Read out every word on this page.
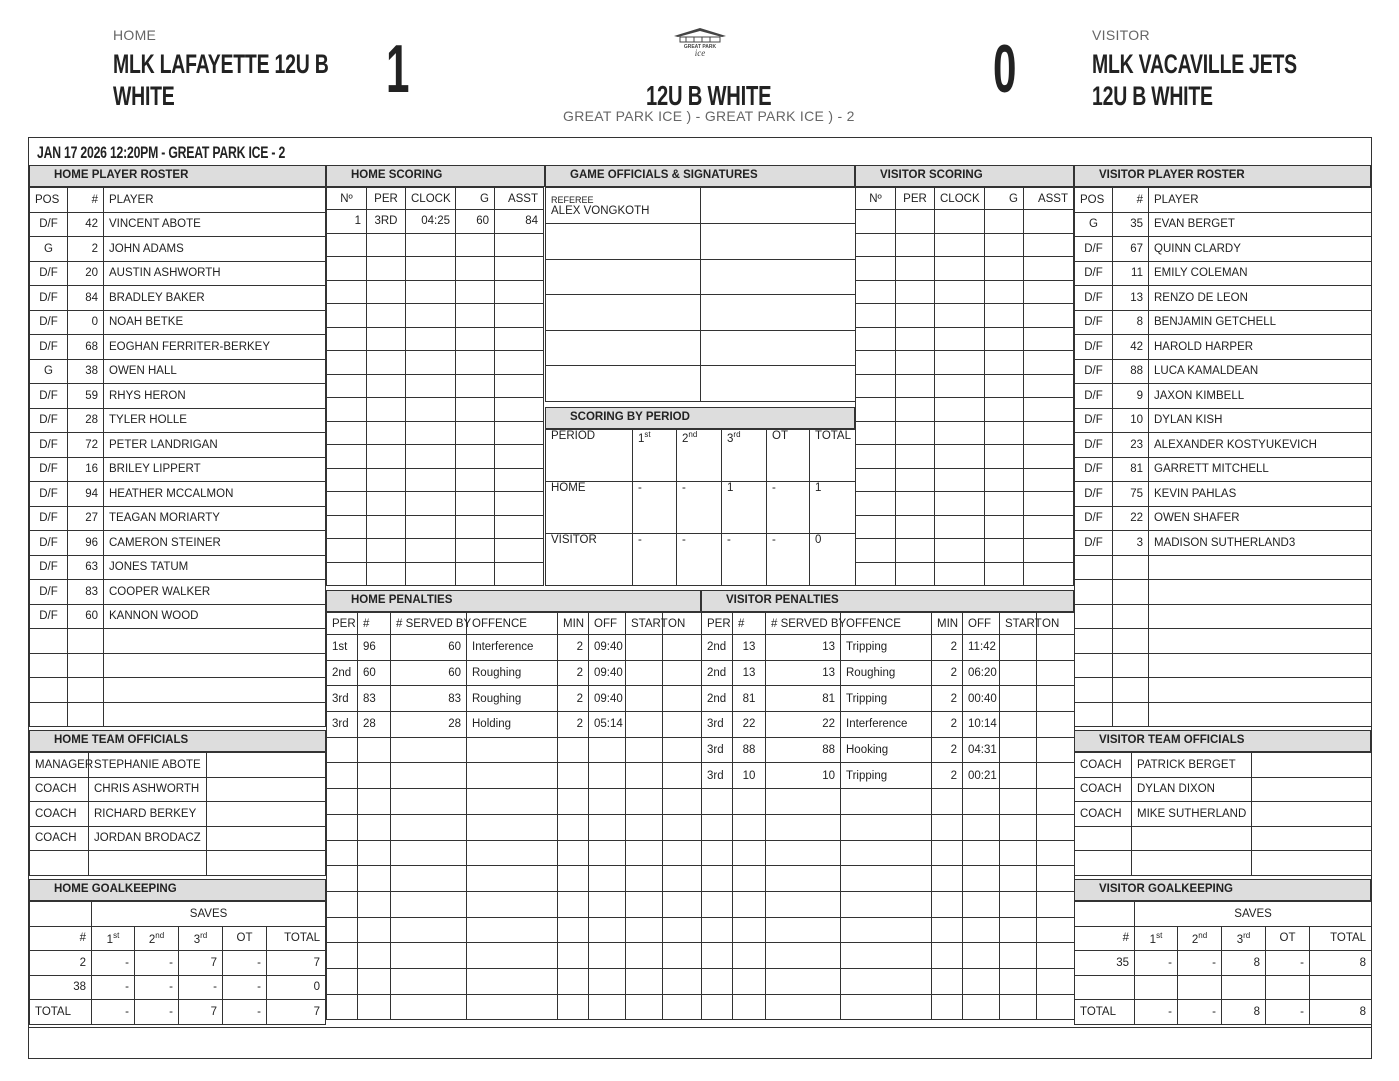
HOME
MLK LAFAYETTE 12U B
WHITE	1	GREAT PARK
ice
12U B WHITE
GREAT PARK ICE ) - GREAT PARK ICE ) - 2
0	VISITOR
MLK VACAVILLE JETS
12U B WHITE
JAN 17 2026 12:20PM - GREAT PARK ICE - 2
HOME PLAYER ROSTER
POS	#	PLAYER
D/F	42	VINCENT ABOTE
G	2	JOHN ADAMS
D/F	20	AUSTIN ASHWORTH
D/F	84	BRADLEY BAKER
D/F	0	NOAH BETKE
D/F	68	EOGHAN FERRITER-BERKEY
G	38	OWEN HALL
D/F	59	RHYS HERON
D/F	28	TYLER HOLLE
D/F	72	PETER LANDRIGAN
D/F	16	BRILEY LIPPERT
D/F	94	HEATHER MCCALMON
D/F	27	TEAGAN MORIARTY
D/F	96	CAMERON STEINER
D/F	63	JONES TATUM
D/F	83	COOPER WALKER
D/F	60	KANNON WOOD

VISITOR PLAYER ROSTER
POS	#	PLAYER
G	35	EVAN BERGET
D/F	67	QUINN CLARDY
D/F	11	EMILY COLEMAN
D/F	13	RENZO DE LEON
D/F	8	BENJAMIN GETCHELL
D/F	42	HAROLD HARPER
D/F	88	LUCA KAMALDEAN
D/F	9	JAXON KIMBELL
D/F	10	DYLAN KISH
D/F	23	ALEXANDER KOSTYUKEVICH
D/F	81	GARRETT MITCHELL
D/F	75	KEVIN PAHLAS
D/F	22	OWEN SHAFER
D/F	3	MADISON SUTHERLAND3

HOME SCORING
Nº	PER	CLOCK	G	ASST
1	3RD	04:25	60	84

VISITOR SCORING
Nº	PER	CLOCK	G	ASST

GAME OFFICIALS & SIGNATURES
REFEREE
ALEX VONGKOTH	

SCORING BY PERIOD
PERIOD	1st	2nd	3rd	OT	TOTAL
HOME	-	-	1	-	1
VISITOR	-	-	-	-	0
HOME PENALTIES
PER	#	# SERVED BY	OFFENCE	MIN	OFF	START	ON
1st	96	60	Interference	2	09:40		
2nd	60	60	Roughing	2	09:40		
3rd	83	83	Roughing	2	09:40		
3rd	28	28	Holding	2	05:14		

VISITOR PENALTIES
PER	#	# SERVED BY	OFFENCE	MIN	OFF	START	ON
2nd	13	13	Tripping	2	11:42		
2nd	13	13	Roughing	2	06:20		
2nd	81	81	Tripping	2	00:40		
3rd	22	22	Interference	2	10:14		
3rd	88	88	Hooking	2	04:31		
3rd	10	10	Tripping	2	00:21		

HOME TEAM OFFICIALS
MANAGER	STEPHANIE ABOTE	
COACH	CHRIS ASHWORTH	
COACH	RICHARD BERKEY	
COACH	JORDAN BRODACZ	

VISITOR TEAM OFFICIALS
COACH	PATRICK BERGET	
COACH	DYLAN DIXON	
COACH	MIKE SUTHERLAND	

HOME GOALKEEPING
	SAVES				
#	1st	2nd	3rd	OT	TOTAL
2	-	-	7	-	7
38	-	-	-	-	0
TOTAL	-	-	7	-	7
VISITOR GOALKEEPING
	SAVES				
#	1st	2nd	3rd	OT	TOTAL
35	-	-	8	-	8

TOTAL	-	-	8	-	8
